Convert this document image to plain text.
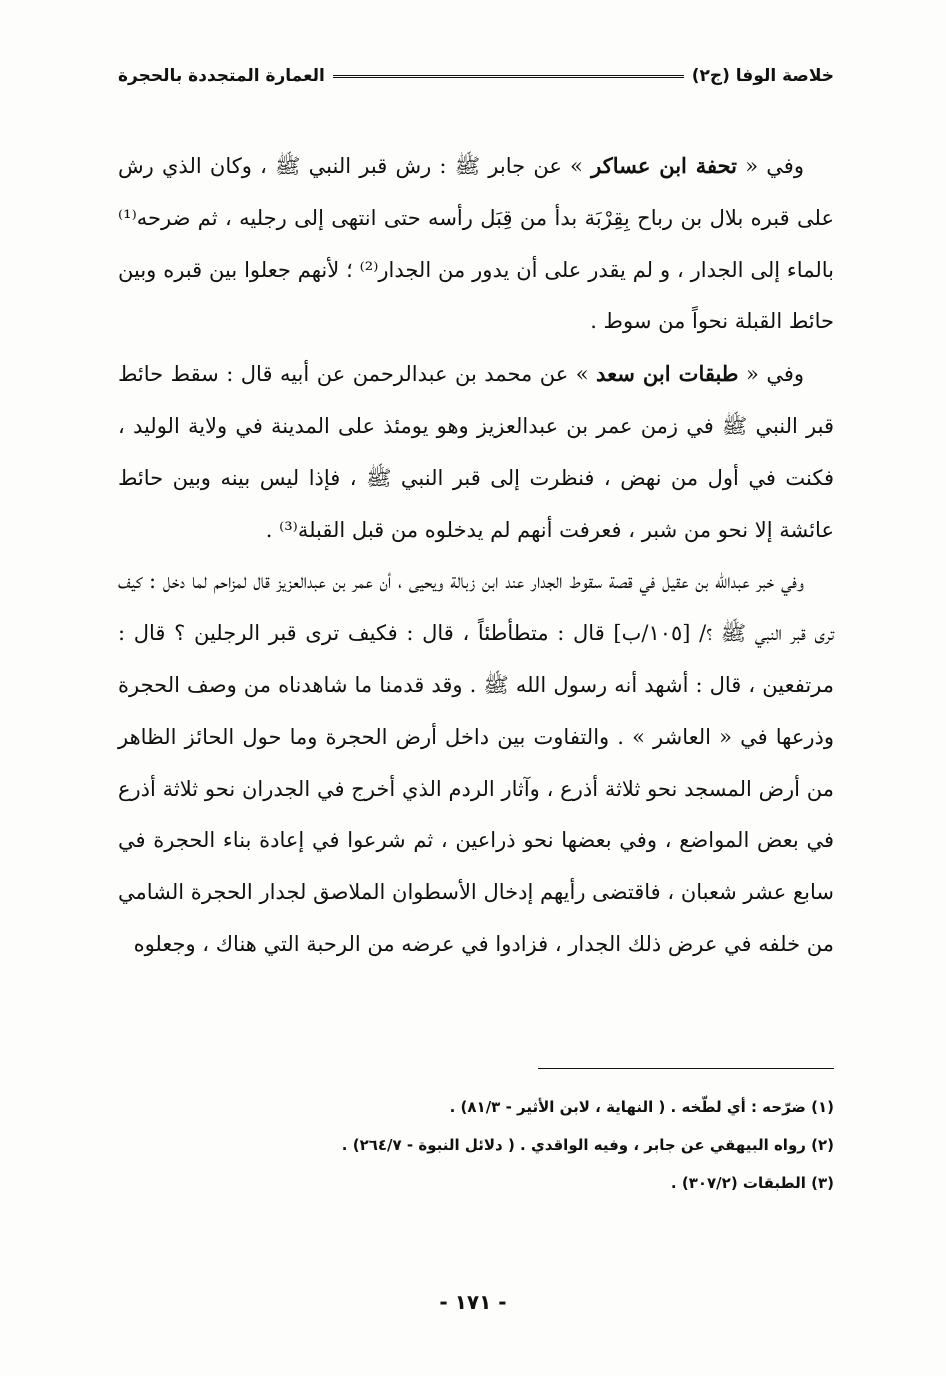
خلاصة الوفا (ج٢)
العمارة المتجددة بالحجرة

وفي « تحفة ابن عساكر » عن جابر ﷺ : رش قبر النبي ﷺ ، وكان الذي رش على قبره بلال بن رباح بِقِرْبَة بدأ من قِبَل رأسه حتى انتهى إلى رجليه ، ثم ضرحه⁽¹⁾ بالماء إلى الجدار ، و لم يقدر على أن يدور من الجدار⁽²⁾ ؛ لأنهم جعلوا بين قبره وبين حائط القبلة نحواً من سوط .

وفي « طبقات ابن سعد » عن محمد بن عبدالرحمن عن أبيه قال : سقط حائط قبر النبي ﷺ في زمن عمر بن عبدالعزيز وهو يومئذ على المدينة في ولاية الوليد ، فكنت في أول من نهض ، فنظرت إلى قبر النبي ﷺ ، فإذا ليس بينه وبين حائط عائشة إلا نحو من شبر ، فعرفت أنهم لم يدخلوه من قبل القبلة⁽³⁾ .

وفي خبر عبدالله بن عقيل في قصة سقوط الجدار عند ابن زبالة ويحيى ، أن عمر بن عبدالعزيز قال لمزاحم لما دخل : كيف ترى قبر النبي ﷺ ؟/ [١٠٥/ب] قال : متطأطئاً ، قال : فكيف ترى قبر الرجلين ؟ قال : مرتفعين ، قال : أشهد أنه رسول الله ﷺ . وقد قدمنا ما شاهدناه من وصف الحجرة وذرعها في « العاشر » . والتفاوت بين داخل أرض الحجرة وما حول الحائز الظاهر من أرض المسجد نحو ثلاثة أذرع ، وآثار الردم الذي أخرج في الجدران نحو ثلاثة أذرع في بعض المواضع ، وفي بعضها نحو ذراعين ، ثم شرعوا في إعادة بناء الحجرة في سابع عشر شعبان ، فاقتضى رأيهم إدخال الأسطوان الملاصق لجدار الحجرة الشامي من خلفه في عرض ذلك الجدار ، فزادوا في عرضه من الرحبة التي هناك ، وجعلوه

(١) ضرّحه : أي لطّخه . ( النهاية ، لابن الأثير - ٨١/٣) .
(٢) رواه البيهقي عن جابر ، وفيه الواقدي . ( دلائل النبوة - ٢٦٤/٧) .
(٣) الطبقات (٣٠٧/٢) .
- ١٧١ -
